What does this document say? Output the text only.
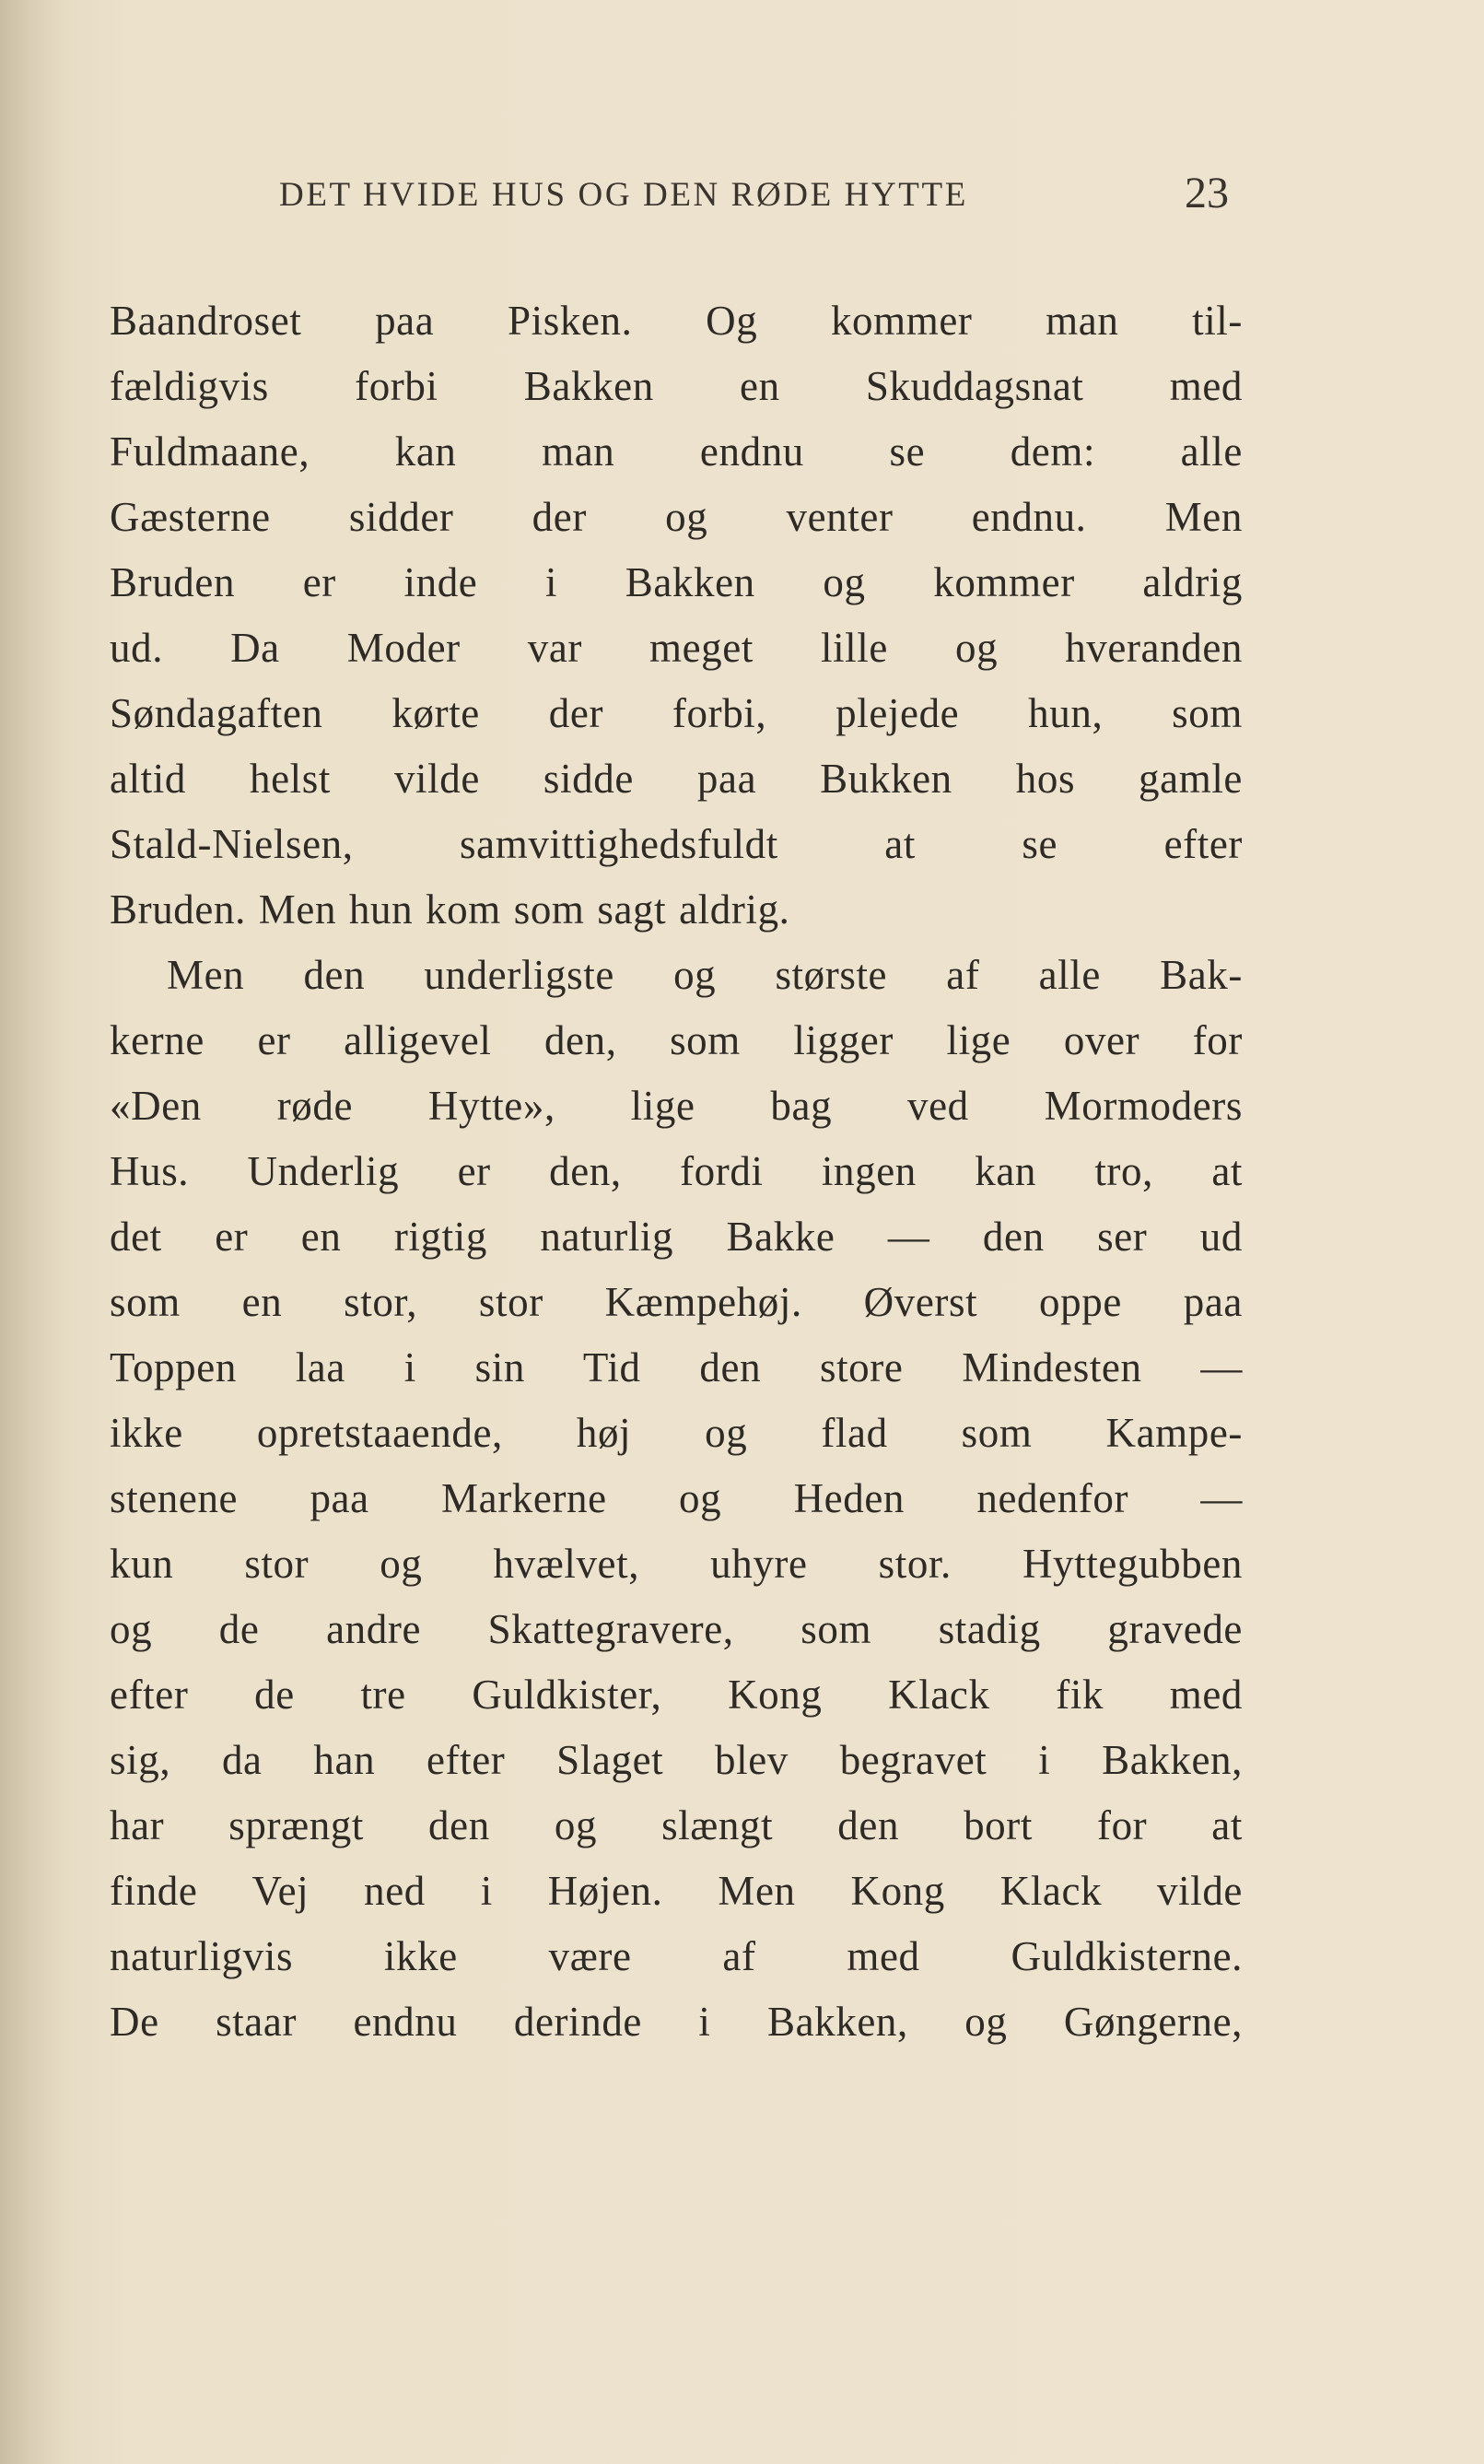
DET HVIDE HUS OG DEN RØDE HYTTE	23
Baandroset paa Pisken. Og kommer man til-
fældigvis forbi Bakken en Skuddagsnat med
Fuldmaane, kan man endnu se dem: alle
Gæsterne sidder der og venter endnu. Men
Bruden er inde i Bakken og kommer aldrig
ud. Da Moder var meget lille og hveranden
Søndagaften kørte der forbi, plejede hun, som
altid helst vilde sidde paa Bukken hos gamle
Stald-Nielsen, samvittighedsfuldt at se efter
Bruden. Men hun kom som sagt aldrig.
Men den underligste og største af alle Bak-
kerne er alligevel den, som ligger lige over for
«Den røde Hytte», lige bag ved Mormoders
Hus. Underlig er den, fordi ingen kan tro, at
det er en rigtig naturlig Bakke — den ser ud
som en stor, stor Kæmpehøj. Øverst oppe paa
Toppen laa i sin Tid den store Mindesten —
ikke opretstaaende, høj og flad som Kampe-
stenene paa Markerne og Heden nedenfor —
kun stor og hvælvet, uhyre stor. Hyttegubben
og de andre Skattegravere, som stadig gravede
efter de tre Guldkister, Kong Klack fik med
sig, da han efter Slaget blev begravet i Bakken,
har sprængt den og slængt den bort for at
finde Vej ned i Højen. Men Kong Klack vilde
naturligvis ikke være af med Guldkisterne.
De staar endnu derinde i Bakken, og Gøngerne,
